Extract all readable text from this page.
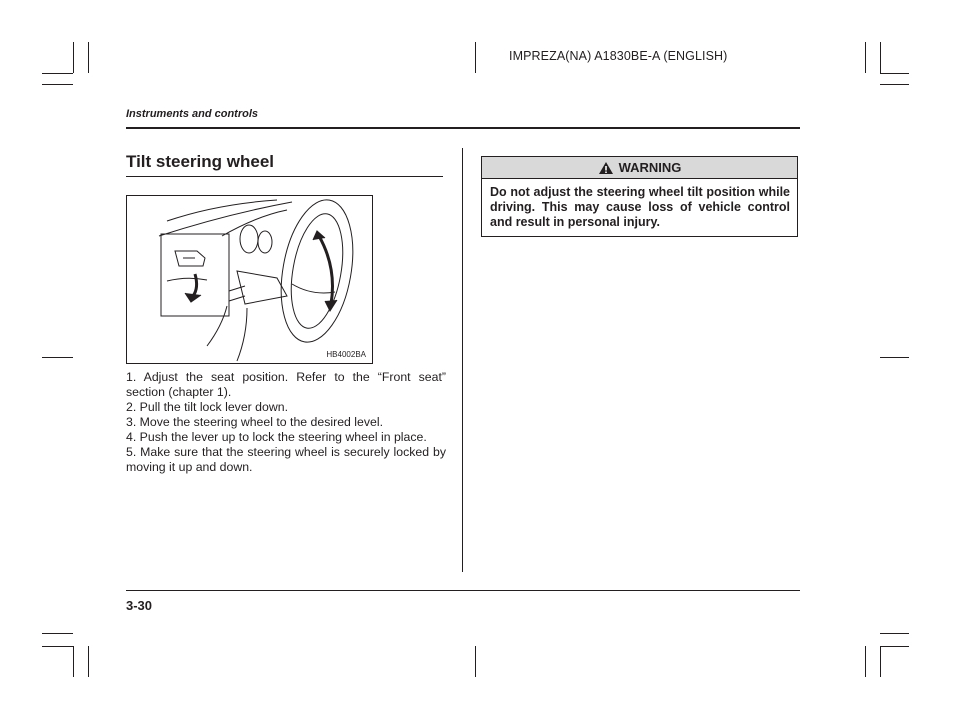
IMPREZA(NA) A1830BE-A (ENGLISH)
Instruments and controls
Tilt steering wheel
HB4002BA
1. Adjust the seat position. Refer to the “Front seat” section (chapter 1).
2. Pull the tilt lock lever down.
3. Move the steering wheel to the desired level.
4. Push the lever up to lock the steering wheel in place.
5. Make sure that the steering wheel is securely locked by moving it up and down.
WARNING
Do not adjust the steering wheel tilt position while driving. This may cause loss of vehicle control and result in personal injury.
3-30
